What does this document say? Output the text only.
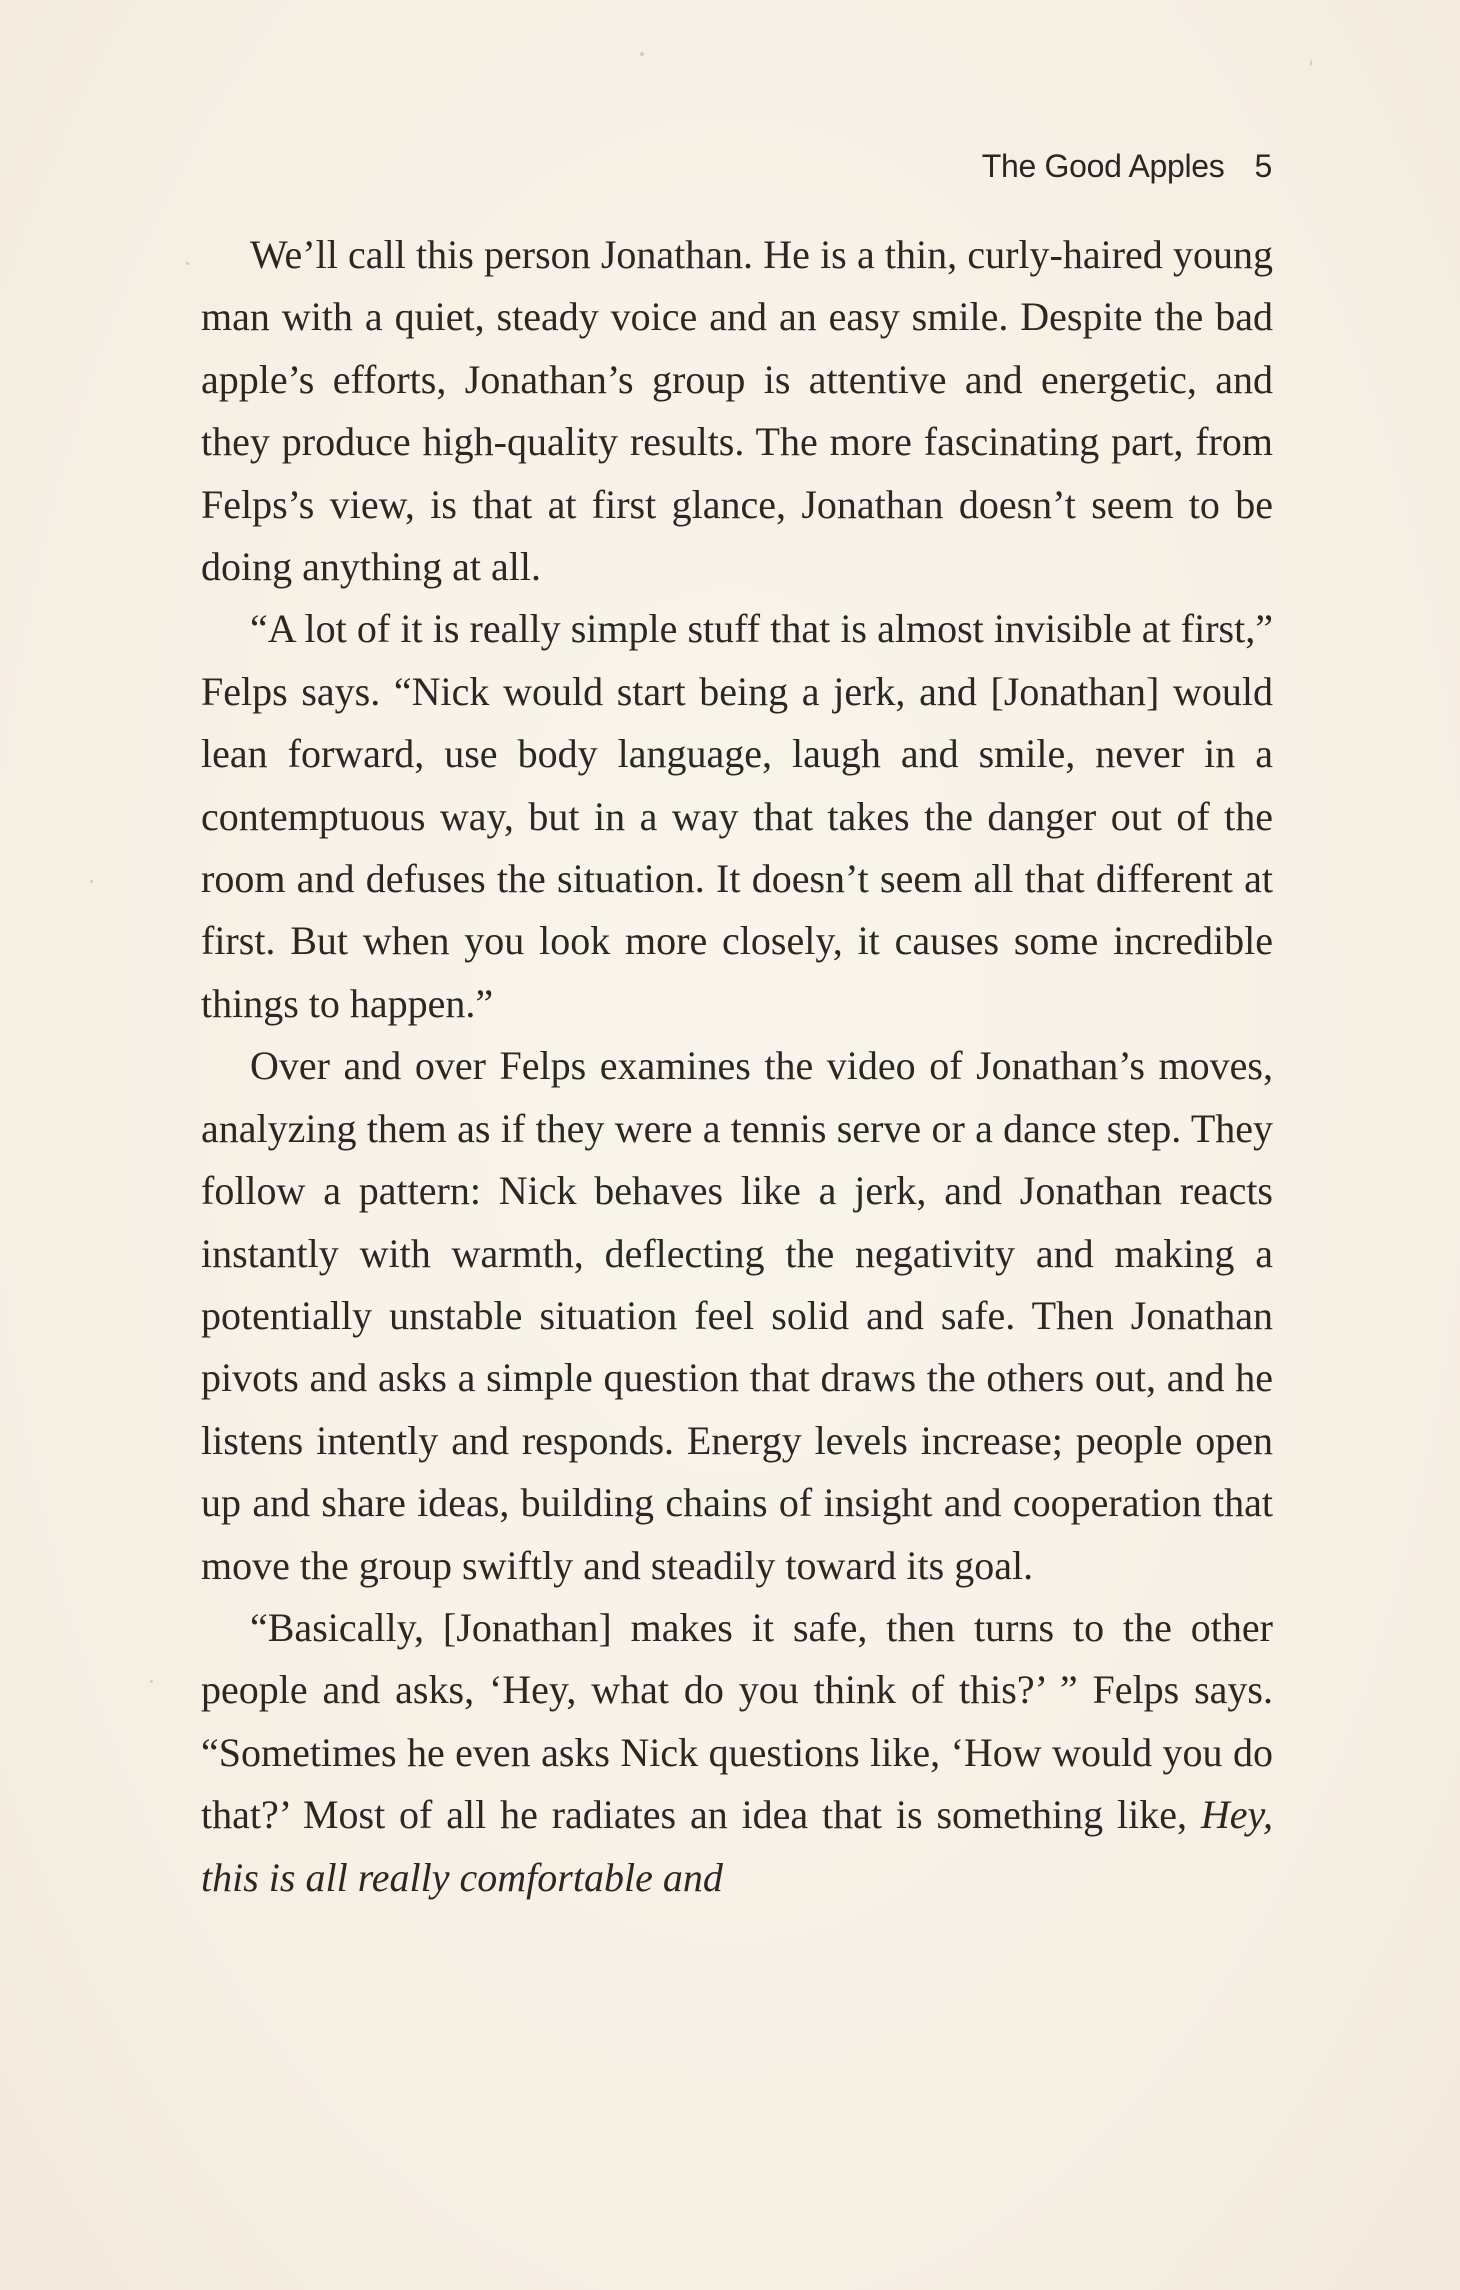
The Good Apples 5

We’ll call this person Jonathan. He is a thin, curly-haired young man with a quiet, steady voice and an easy smile. Despite the bad apple’s efforts, Jonathan’s group is attentive and energetic, and they produce high-quality results. The more fascinating part, from Felps’s view, is that at first glance, Jonathan doesn’t seem to be doing anything at all.

“A lot of it is really simple stuff that is almost invisible at first,” Felps says. “Nick would start being a jerk, and [Jonathan] would lean forward, use body language, laugh and smile, never in a contemptuous way, but in a way that takes the danger out of the room and defuses the situation. It doesn’t seem all that different at first. But when you look more closely, it causes some incredible things to happen.”

Over and over Felps examines the video of Jonathan’s moves, analyzing them as if they were a tennis serve or a dance step. They follow a pattern: Nick behaves like a jerk, and Jonathan reacts instantly with warmth, deflecting the negativity and making a potentially unstable situation feel solid and safe. Then Jonathan pivots and asks a simple question that draws the others out, and he listens intently and responds. Energy levels increase; people open up and share ideas, building chains of insight and cooperation that move the group swiftly and steadily toward its goal.

“Basically, [Jonathan] makes it safe, then turns to the other people and asks, ‘Hey, what do you think of this?’ ” Felps says. “Sometimes he even asks Nick questions like, ‘How would you do that?’ Most of all he radiates an idea that is something like, Hey, this is all really comfortable and
